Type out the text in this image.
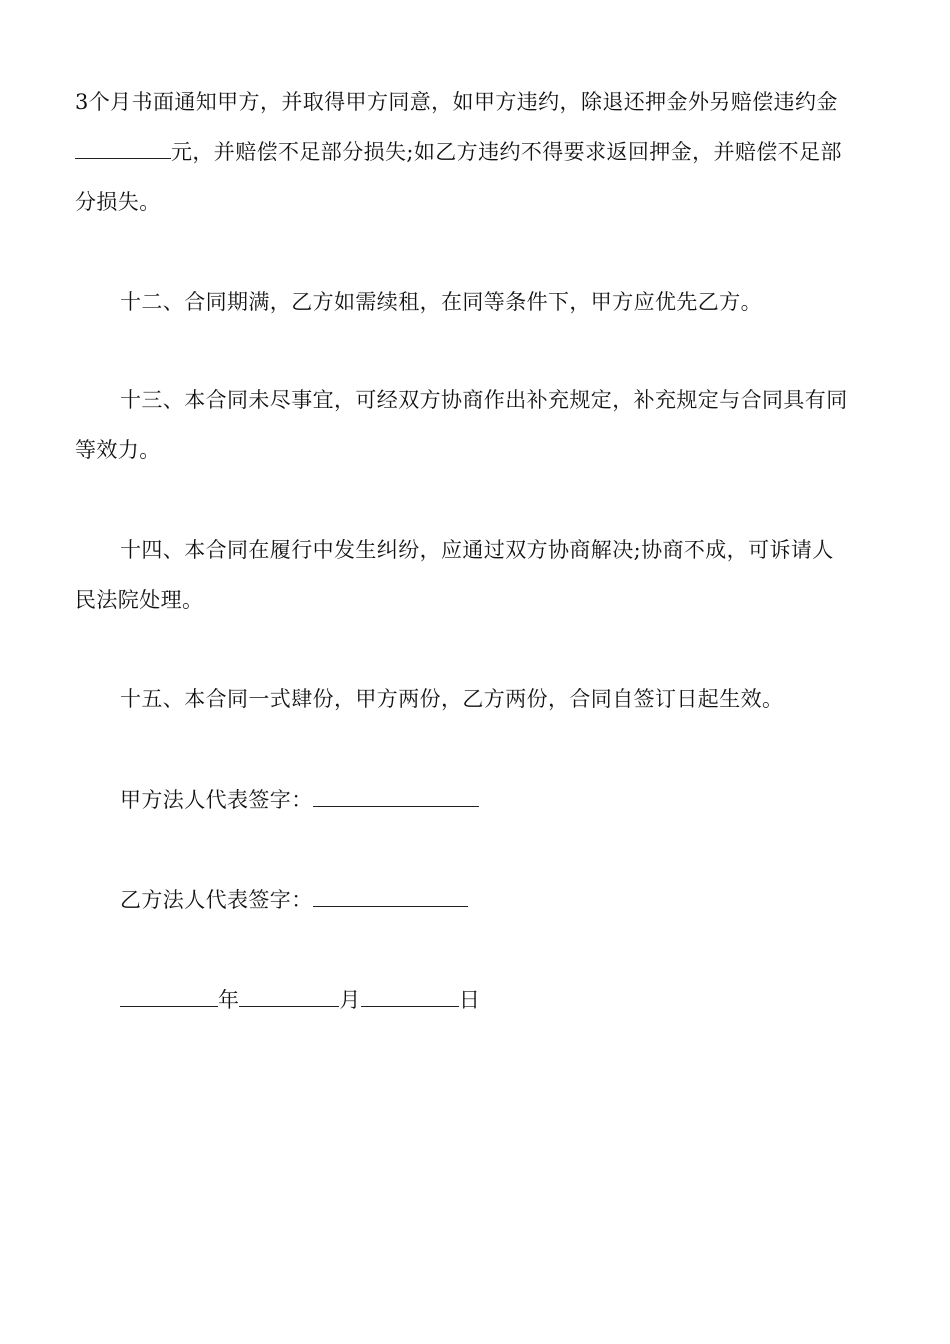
3个月书面通知甲方，并取得甲方同意，如甲方违约，除退还押金外另赔偿违约金
元，并赔偿不足部分损失;如乙方违约不得要求返回押金，并赔偿不足部
分损失。
十二、合同期满，乙方如需续租，在同等条件下，甲方应优先乙方。
十三、本合同未尽事宜，可经双方协商作出补充规定，补充规定与合同具有同
等效力。
十四、本合同在履行中发生纠纷，应通过双方协商解决;协商不成，可诉请人
民法院处理。
十五、本合同一式肆份，甲方两份，乙方两份，合同自签订日起生效。
甲方法人代表签字：
乙方法人代表签字：
年	月	日
